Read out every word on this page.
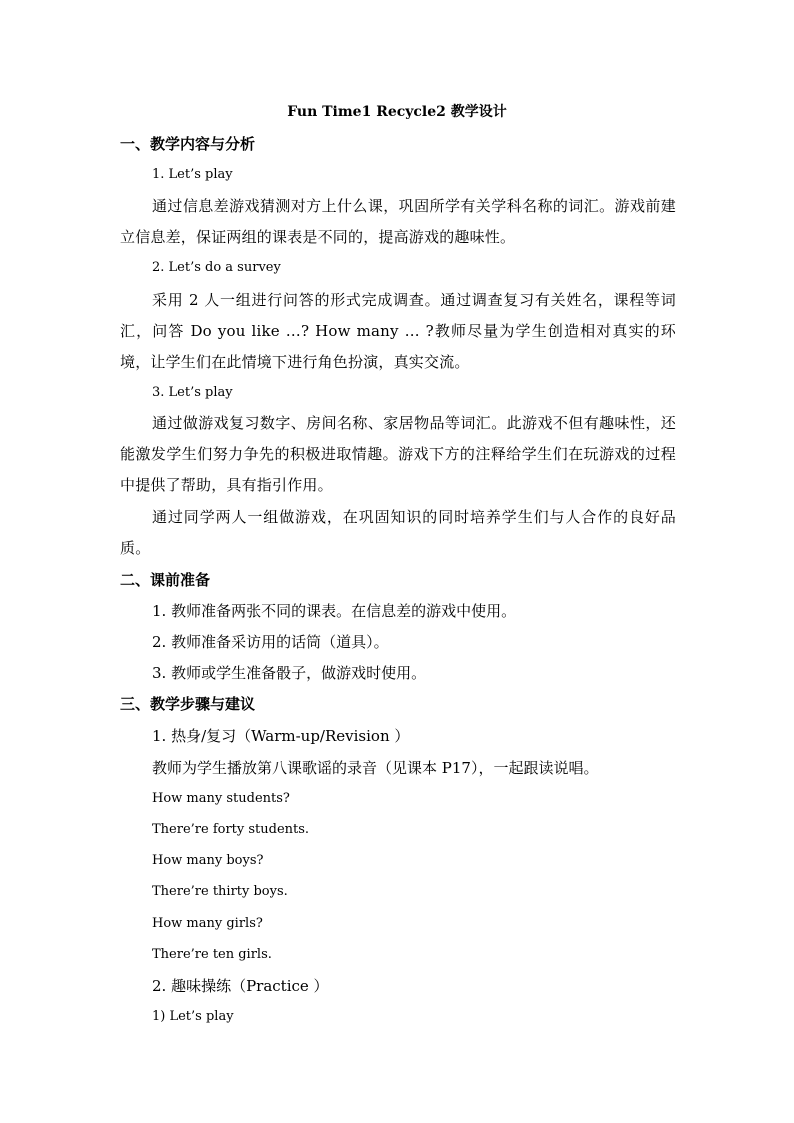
Fun Time1 Recycle2 教学设计
一、教学内容与分析
1. Let’s play
通过信息差游戏猜测对方上什么课，巩固所学有关学科名称的词汇。游戏前建立信息差，保证两组的课表是不同的，提高游戏的趣味性。
2. Let’s do a survey
采用 2 人一组进行问答的形式完成调查。通过调查复习有关姓名，课程等词汇，问答 Do you like …? How many … ?教师尽量为学生创造相对真实的环境，让学生们在此情境下进行角色扮演，真实交流。
3. Let’s play
通过做游戏复习数字、房间名称、家居物品等词汇。此游戏不但有趣味性，还能激发学生们努力争先的积极进取情趣。游戏下方的注释给学生们在玩游戏的过程中提供了帮助，具有指引作用。
通过同学两人一组做游戏，在巩固知识的同时培养学生们与人合作的良好品质。
二、课前准备
1. 教师准备两张不同的课表。在信息差的游戏中使用。
2. 教师准备采访用的话筒（道具）。
3. 教师或学生准备骰子，做游戏时使用。
三、教学步骤与建议
1. 热身/复习（Warm-up/Revision ）
教师为学生播放第八课歌谣的录音（见课本 P17），一起跟读说唱。
How many students?
There’re forty students.
How many boys?
There’re thirty boys.
How many girls?
There’re ten girls.
2. 趣味操练（Practice ）
1) Let’s play
